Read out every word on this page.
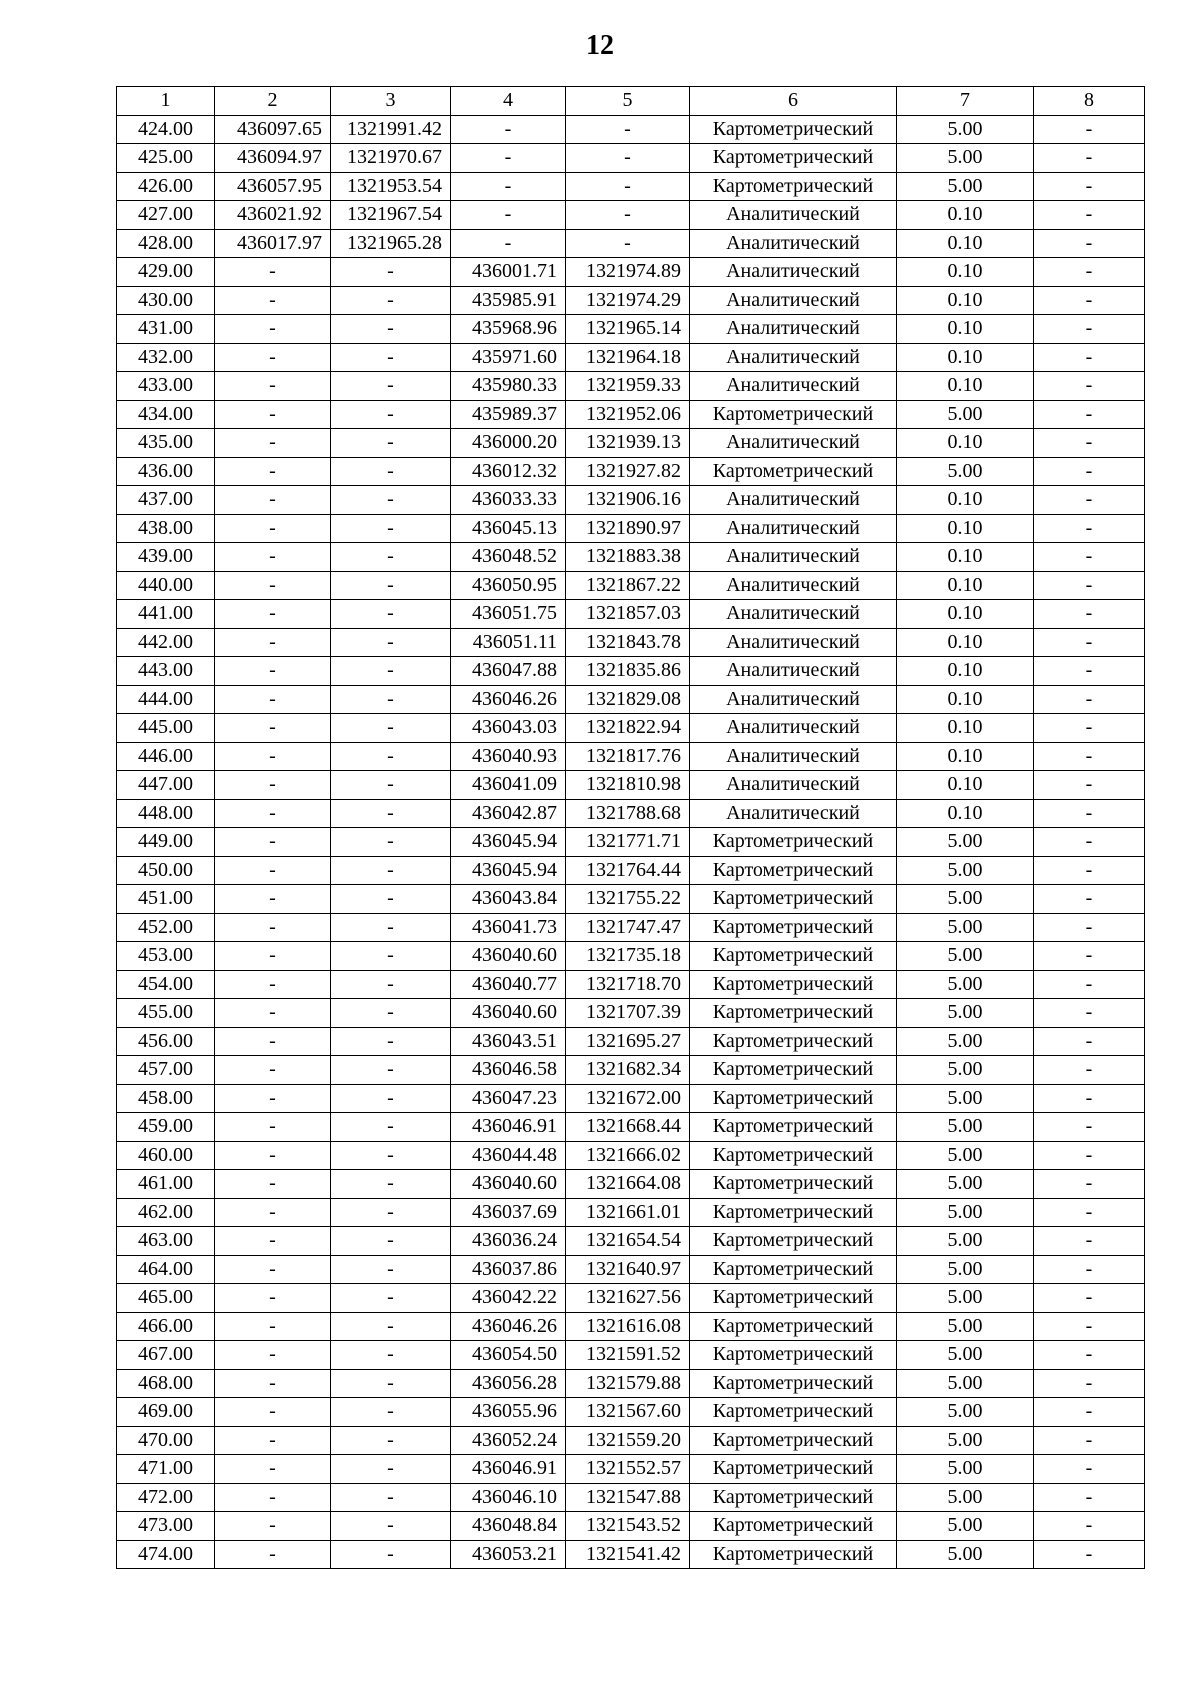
12
1	2	3	4	5	6	7	8
424.00	436097.65	1321991.42	-	-	Картометрический	5.00	-
425.00	436094.97	1321970.67	-	-	Картометрический	5.00	-
426.00	436057.95	1321953.54	-	-	Картометрический	5.00	-
427.00	436021.92	1321967.54	-	-	Аналитический	0.10	-
428.00	436017.97	1321965.28	-	-	Аналитический	0.10	-
429.00	-	-	436001.71	1321974.89	Аналитический	0.10	-
430.00	-	-	435985.91	1321974.29	Аналитический	0.10	-
431.00	-	-	435968.96	1321965.14	Аналитический	0.10	-
432.00	-	-	435971.60	1321964.18	Аналитический	0.10	-
433.00	-	-	435980.33	1321959.33	Аналитический	0.10	-
434.00	-	-	435989.37	1321952.06	Картометрический	5.00	-
435.00	-	-	436000.20	1321939.13	Аналитический	0.10	-
436.00	-	-	436012.32	1321927.82	Картометрический	5.00	-
437.00	-	-	436033.33	1321906.16	Аналитический	0.10	-
438.00	-	-	436045.13	1321890.97	Аналитический	0.10	-
439.00	-	-	436048.52	1321883.38	Аналитический	0.10	-
440.00	-	-	436050.95	1321867.22	Аналитический	0.10	-
441.00	-	-	436051.75	1321857.03	Аналитический	0.10	-
442.00	-	-	436051.11	1321843.78	Аналитический	0.10	-
443.00	-	-	436047.88	1321835.86	Аналитический	0.10	-
444.00	-	-	436046.26	1321829.08	Аналитический	0.10	-
445.00	-	-	436043.03	1321822.94	Аналитический	0.10	-
446.00	-	-	436040.93	1321817.76	Аналитический	0.10	-
447.00	-	-	436041.09	1321810.98	Аналитический	0.10	-
448.00	-	-	436042.87	1321788.68	Аналитический	0.10	-
449.00	-	-	436045.94	1321771.71	Картометрический	5.00	-
450.00	-	-	436045.94	1321764.44	Картометрический	5.00	-
451.00	-	-	436043.84	1321755.22	Картометрический	5.00	-
452.00	-	-	436041.73	1321747.47	Картометрический	5.00	-
453.00	-	-	436040.60	1321735.18	Картометрический	5.00	-
454.00	-	-	436040.77	1321718.70	Картометрический	5.00	-
455.00	-	-	436040.60	1321707.39	Картометрический	5.00	-
456.00	-	-	436043.51	1321695.27	Картометрический	5.00	-
457.00	-	-	436046.58	1321682.34	Картометрический	5.00	-
458.00	-	-	436047.23	1321672.00	Картометрический	5.00	-
459.00	-	-	436046.91	1321668.44	Картометрический	5.00	-
460.00	-	-	436044.48	1321666.02	Картометрический	5.00	-
461.00	-	-	436040.60	1321664.08	Картометрический	5.00	-
462.00	-	-	436037.69	1321661.01	Картометрический	5.00	-
463.00	-	-	436036.24	1321654.54	Картометрический	5.00	-
464.00	-	-	436037.86	1321640.97	Картометрический	5.00	-
465.00	-	-	436042.22	1321627.56	Картометрический	5.00	-
466.00	-	-	436046.26	1321616.08	Картометрический	5.00	-
467.00	-	-	436054.50	1321591.52	Картометрический	5.00	-
468.00	-	-	436056.28	1321579.88	Картометрический	5.00	-
469.00	-	-	436055.96	1321567.60	Картометрический	5.00	-
470.00	-	-	436052.24	1321559.20	Картометрический	5.00	-
471.00	-	-	436046.91	1321552.57	Картометрический	5.00	-
472.00	-	-	436046.10	1321547.88	Картометрический	5.00	-
473.00	-	-	436048.84	1321543.52	Картометрический	5.00	-
474.00	-	-	436053.21	1321541.42	Картометрический	5.00	-
